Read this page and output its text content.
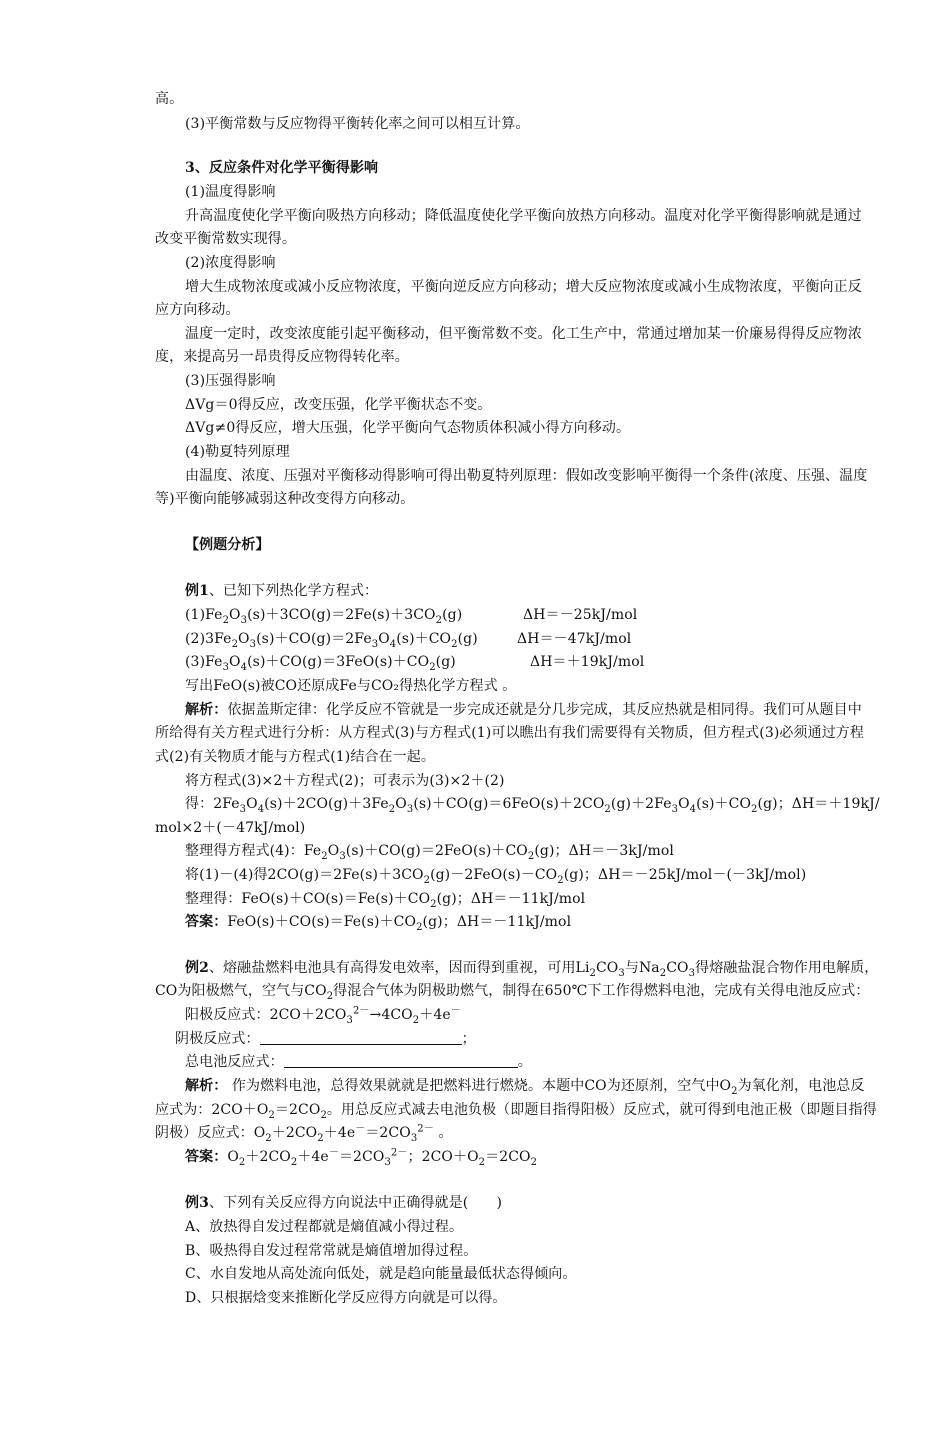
高。
(3)平衡常数与反应物得平衡转化率之间可以相互计算。
3、反应条件对化学平衡得影响
(1)温度得影响
升高温度使化学平衡向吸热方向移动；降低温度使化学平衡向放热方向移动。温度对化学平衡得影响就是通过
改变平衡常数实现得。
(2)浓度得影响
增大生成物浓度或减小反应物浓度，平衡向逆反应方向移动；增大反应物浓度或减小生成物浓度，平衡向正反
应方向移动。
温度一定时，改变浓度能引起平衡移动，但平衡常数不变。化工生产中，常通过增加某一价廉易得得反应物浓
度，来提高另一昂贵得反应物得转化率。
(3)压强得影响
ΔVg＝0得反应，改变压强，化学平衡状态不变。
ΔVg≠0得反应，增大压强，化学平衡向气态物质体积减小得方向移动。
(4)勒夏特列原理
由温度、浓度、压强对平衡移动得影响可得出勒夏特列原理：假如改变影响平衡得一个条件(浓度、压强、温度
等)平衡向能够减弱这种改变得方向移动。
【例题分析】
例1、已知下列热化学方程式：
$(1)Fe_2O_3(s)+3CO(g)=2Fe(s)+3CO_2(g)$	ΔH＝－25kJ/mol
$(2)3Fe_2O_3(s)+CO(g)=2Fe_3O_4(s)+CO_2(g)$	ΔH＝－47kJ/mol
$(3)Fe_3O_4(s)+CO(g)=3FeO(s)+CO_2(g)$	ΔH＝＋19kJ/mol
写出FeO(s)被CO还原成Fe与CO₂得热化学方程式 。
解析：依据盖斯定律：化学反应不管就是一步完成还就是分几步完成，其反应热就是相同得。我们可从题目中
所给得有关方程式进行分析：从方程式(3)与方程式(1)可以瞧出有我们需要得有关物质，但方程式(3)必须通过方程
式(2)有关物质才能与方程式(1)结合在一起。
将方程式(3)×2＋方程式(2)；可表示为(3)×2＋(2)
得：$2Fe_3O_4(s)+2CO(g)+3Fe_2O_3(s)+CO(g)=6FeO(s)+2CO_2(g)+2Fe_3O_4(s)+CO_2(g)$；ΔH＝＋19kJ/
mol×2＋(－47kJ/mol)
整理得方程式(4)：$Fe_2O_3(s)+CO(g)=2FeO(s)+CO_2(g)$；ΔH＝－3kJ/mol
将(1)－(4)得$2CO(g)=2Fe(s)+3CO_2(g)-2FeO(s)-CO_2(g)$；ΔH＝－25kJ/mol－(－3kJ/mol)
整理得：$FeO(s)+CO(s)=Fe(s)+CO_2(g)$；ΔH＝－11kJ/mol
答案：$FeO(s)+CO(s)=Fe(s)+CO_2(g)$；ΔH＝－11kJ/mol
例2、熔融盐燃料电池具有高得发电效率，因而得到重视，可用$Li_2CO_3$与$Na_2CO_3$得熔融盐混合物作用电解质，
CO为阳极燃气，空气与$CO_2$得混合气体为阴极助燃气，制得在650℃下工作得燃料电池，完成有关得电池反应式：
阳极反应式：$2CO+2CO_3^{2-}\to 4CO_2+4e^-$
阴极反应式：	；
总电池反应式：	。
解析： 作为燃料电池，总得效果就就是把燃料进行燃烧。本题中CO为还原剂，空气中$O_2$为氧化剂，电池总反
应式为：$2CO+O_2=2CO_2$。用总反应式减去电池负极（即题目指得阳极）反应式，就可得到电池正极（即题目指得
阴极）反应式：$O_2+2CO_2+4e^-=2CO_3^{2-}$ 。
答案：$O_2+2CO_2+4e^-=2CO_3^{2-}$；$2CO+O_2=2CO_2$
例3、下列有关反应得方向说法中正确得就是(　　)
A、放热得自发过程都就是熵值减小得过程。
B、吸热得自发过程常常就是熵值增加得过程。
C、水自发地从高处流向低处，就是趋向能量最低状态得倾向。
D、只根据焓变来推断化学反应得方向就是可以得。
